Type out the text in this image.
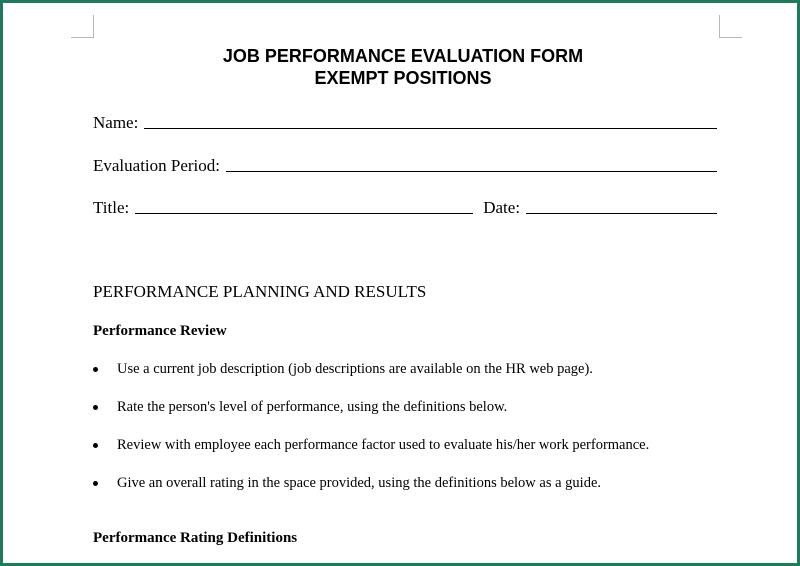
JOB PERFORMANCE EVALUATION FORM
EXEMPT POSITIONS
Name:
Evaluation Period:
Title:	Date:
PERFORMANCE PLANNING AND RESULTS
Performance Review
Use a current job description (job descriptions are available on the HR web page).
Rate the person's level of performance, using the definitions below.
Review with employee each performance factor used to evaluate his/her work performance.
Give an overall rating in the space provided, using the definitions below as a guide.
Performance Rating Definitions
